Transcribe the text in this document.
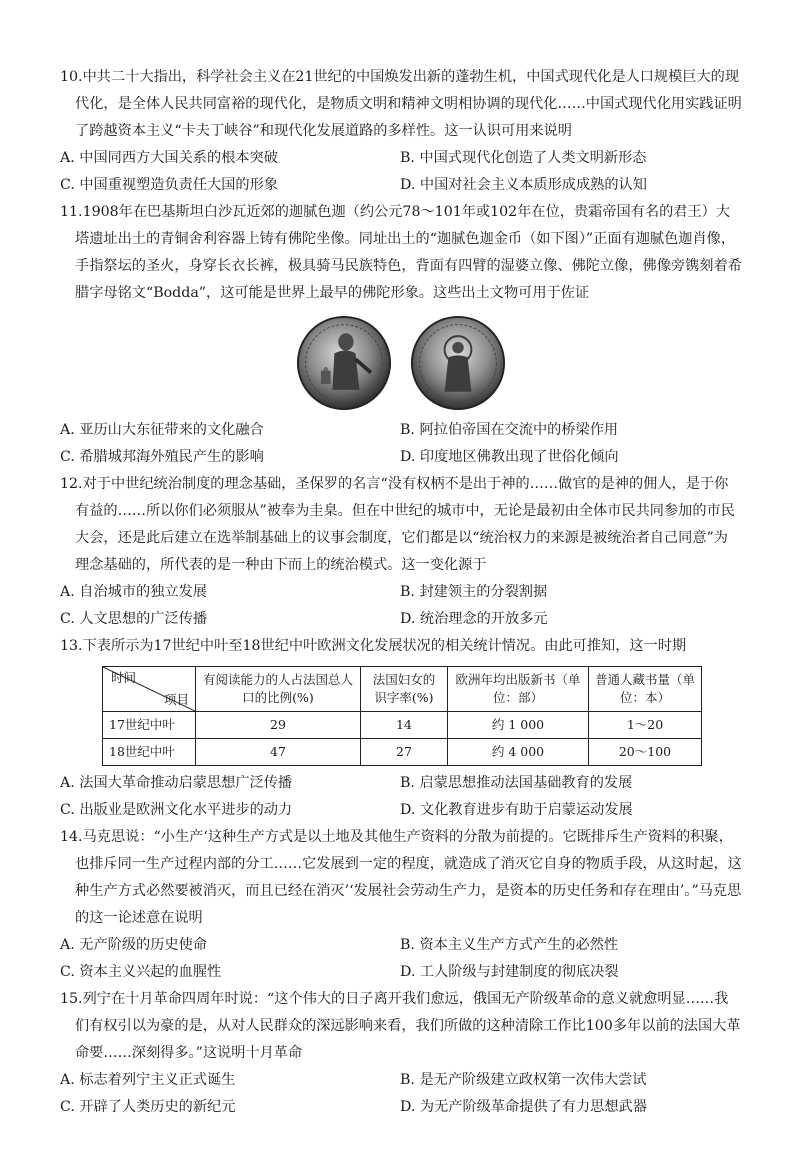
10.中共二十大指出，科学社会主义在21世纪的中国焕发出新的蓬勃生机，中国式现代化是人口规模巨大的现代化，是全体人民共同富裕的现代化，是物质文明和精神文明相协调的现代化……中国式现代化用实践证明了跨越资本主义“卡夫丁峡谷”和现代化发展道路的多样性。这一认识可用来说明
A. 中国同西方大国关系的根本突破	B. 中国式现代化创造了人类文明新形态
C. 中国重视塑造负责任大国的形象	D. 中国对社会主义本质形成成熟的认知
11.1908年在巴基斯坦白沙瓦近郊的迦腻色迦（约公元78～101年或102年在位，贵霜帝国有名的君王）大塔遗址出土的青铜舍利容器上铸有佛陀坐像。同址出土的“迦腻色迦金币（如下图）”正面有迦腻色迦肖像，手指祭坛的圣火，身穿长衣长裤，极具骑马民族特色，背面有四臂的湿婆立像、佛陀立像，佛像旁镌刻着希腊字母铭文“Bodda”，这可能是世界上最早的佛陀形象。这些出土文物可用于佐证
A. 亚历山大东征带来的文化融合	B. 阿拉伯帝国在交流中的桥梁作用
C. 希腊城邦海外殖民产生的影响	D. 印度地区佛教出现了世俗化倾向
12.对于中世纪统治制度的理念基础，圣保罗的名言“没有权柄不是出于神的……做官的是神的佣人，是于你有益的……所以你们必须服从”被奉为圭臬。但在中世纪的城市中，无论是最初由全体市民共同参加的市民大会，还是此后建立在选举制基础上的议事会制度，它们都是以“统治权力的来源是被统治者自己同意”为理念基础的，所代表的是一种由下而上的统治模式。这一变化源于
A. 自治城市的独立发展	B. 封建领主的分裂割据
C. 人文思想的广泛传播	D. 统治理念的开放多元
13.下表所示为17世纪中叶至18世纪中叶欧洲文化发展状况的相关统计情况。由此可推知，这一时期
时间
项目	有阅读能力的人占法国总人口的比例(%)	法国妇女的识字率(%)	欧洲年均出版新书（单位：部）	普通人藏书量（单位：本）
17世纪中叶	29	14	约 1 000	1～20
18世纪中叶	47	27	约 4 000	20～100
A. 法国大革命推动启蒙思想广泛传播	B. 启蒙思想推动法国基础教育的发展
C. 出版业是欧洲文化水平进步的动力	D. 文化教育进步有助于启蒙运动发展
14.马克思说：“小生产‘这种生产方式是以土地及其他生产资料的分散为前提的。它既排斥生产资料的积聚，也排斥同一生产过程内部的分工……它发展到一定的程度，就造成了消灭它自身的物质手段，从这时起，这种生产方式必然要被消灭，而且已经在消灭’‘发展社会劳动生产力，是资本的历史任务和存在理由’。”马克思的这一论述意在说明
A. 无产阶级的历史使命	B. 资本主义生产方式产生的必然性
C. 资本主义兴起的血腥性	D. 工人阶级与封建制度的彻底决裂
15.列宁在十月革命四周年时说：“这个伟大的日子离开我们愈远，俄国无产阶级革命的意义就愈明显……我们有权引以为豪的是，从对人民群众的深远影响来看，我们所做的这种清除工作比100多年以前的法国大革命要……深刻得多。”这说明十月革命
A. 标志着列宁主义正式诞生	B. 是无产阶级建立政权第一次伟大尝试
C. 开辟了人类历史的新纪元	D. 为无产阶级革命提供了有力思想武器
